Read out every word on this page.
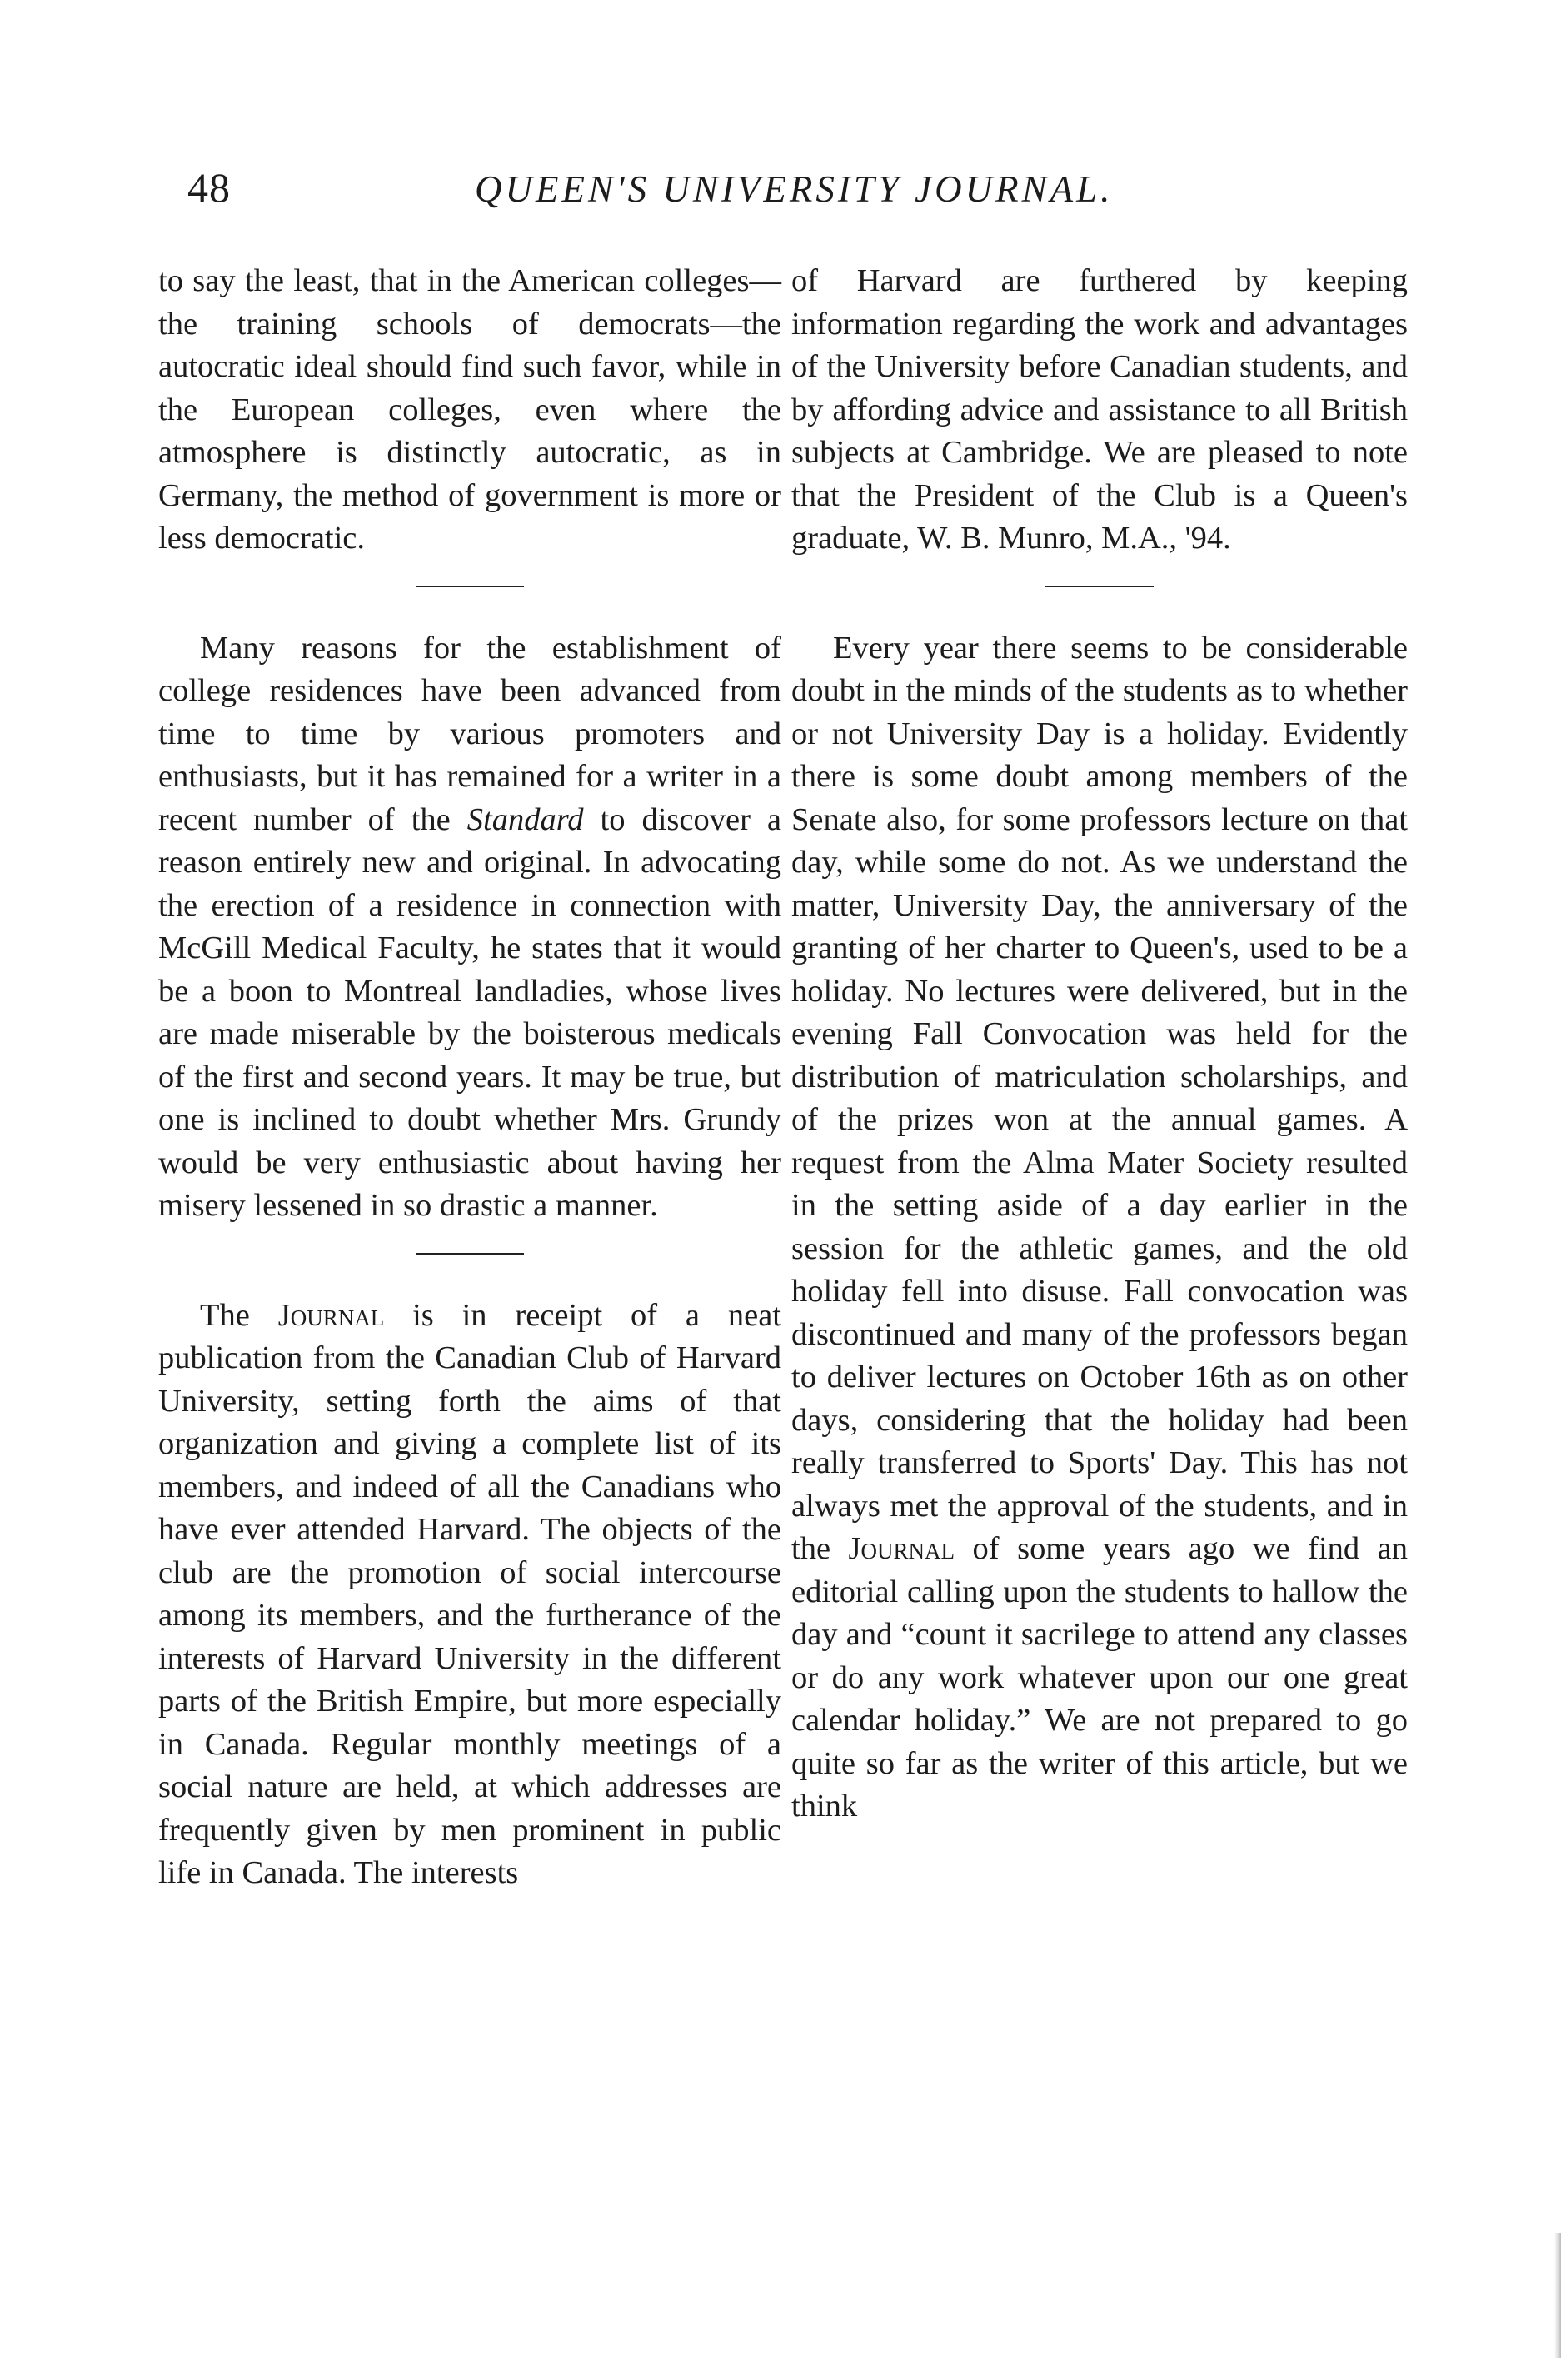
48	QUEEN'S UNIVERSITY JOURNAL.

to say the least, that in the American colleges—the training schools of democrats—the autocratic ideal should find such favor, while in the European colleges, even where the atmosphere is distinctly autocratic, as in Germany, the method of government is more or less democratic.

Many reasons for the establishment of college residences have been advanced from time to time by various promoters and enthusiasts, but it has remained for a writer in a recent number of the Standard to discover a reason entirely new and original. In advocating the erection of a residence in connection with McGill Medical Faculty, he states that it would be a boon to Montreal landladies, whose lives are made miserable by the boisterous medicals of the first and second years. It may be true, but one is inclined to doubt whether Mrs. Grundy would be very enthusiastic about having her misery lessened in so drastic a manner.

The Journal is in receipt of a neat publication from the Canadian Club of Harvard University, setting forth the aims of that organization and giving a complete list of its members, and indeed of all the Canadians who have ever attended Harvard. The objects of the club are the promotion of social intercourse among its members, and the furtherance of the interests of Harvard University in the different parts of the British Empire, but more especially in Canada. Regular monthly meetings of a social nature are held, at which addresses are frequently given by men prominent in public life in Canada. The interests

of Harvard are furthered by keeping information regarding the work and advantages of the University before Canadian students, and by affording advice and assistance to all British subjects at Cambridge. We are pleased to note that the President of the Club is a Queen's graduate, W. B. Munro, M.A., '94.

Every year there seems to be considerable doubt in the minds of the students as to whether or not University Day is a holiday. Evidently there is some doubt among members of the Senate also, for some professors lecture on that day, while some do not. As we understand the matter, University Day, the anniversary of the granting of her charter to Queen's, used to be a holiday. No lectures were delivered, but in the evening Fall Convocation was held for the distribution of matriculation scholarships, and of the prizes won at the annual games. A request from the Alma Mater Society resulted in the setting aside of a day earlier in the session for the athletic games, and the old holiday fell into disuse. Fall convocation was discontinued and many of the professors began to deliver lectures on October 16th as on other days, considering that the holiday had been really transferred to Sports' Day. This has not always met the approval of the students, and in the Journal of some years ago we find an editorial calling upon the students to hallow the day and “count it sacrilege to attend any classes or do any work whatever upon our one great calendar holiday.” We are not prepared to go quite so far as the writer of this article, but we think
